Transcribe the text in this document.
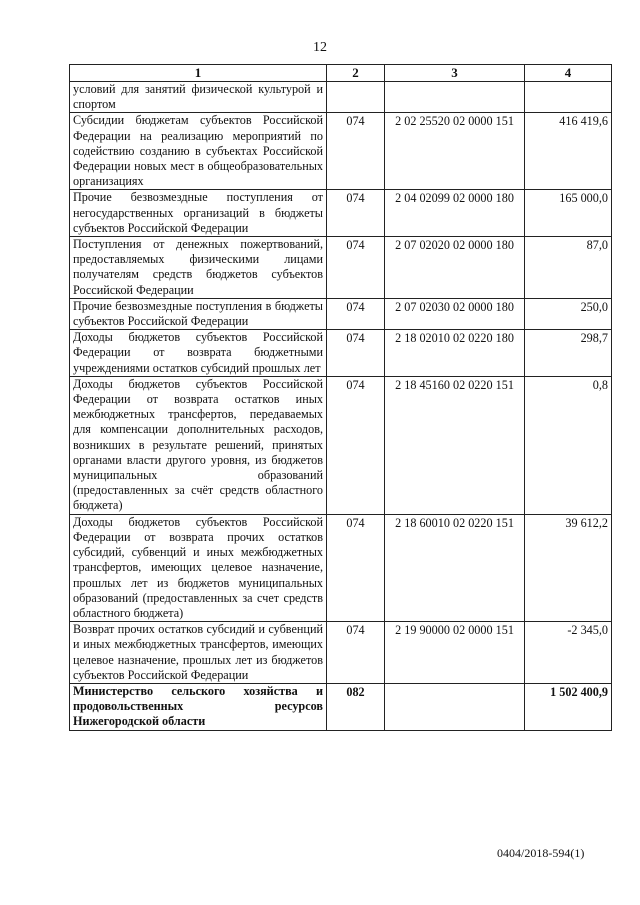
12
1	2	3	4
условий для занятий физической культурой и спортом			
Субсидии бюджетам субъектов Российской Федерации на реализацию мероприятий по содействию созданию в субъектах Российской Федерации новых мест в общеобразовательных организациях	074	2 02 25520 02 0000 151	416 419,6
Прочие безвозмездные поступления от негосударственных организаций в бюджеты субъектов Российской Федерации	074	2 04 02099 02 0000 180	165 000,0
Поступления от денежных пожертвований, предоставляемых физическими лицами получателям средств бюджетов субъектов Российской Федерации	074	2 07 02020 02 0000 180	87,0
Прочие безвозмездные поступления в бюджеты субъектов Российской Федерации	074	2 07 02030 02 0000 180	250,0
Доходы бюджетов субъектов Российской Федерации от возврата бюджетными учреждениями остатков субсидий прошлых лет	074	2 18 02010 02 0220 180	298,7
Доходы бюджетов субъектов Российской Федерации от возврата остатков иных межбюджетных трансфертов, передаваемых для компенсации дополнительных расходов, возникших в результате решений, принятых органами власти другого уровня, из бюджетов муниципальных образований (предоставленных за счёт средств областного бюджета)	074	2 18 45160 02 0220 151	0,8
Доходы бюджетов субъектов Российской Федерации от возврата прочих остатков субсидий, субвенций и иных межбюджетных трансфертов, имеющих целевое назначение, прошлых лет из бюджетов муниципальных образований (предоставленных за счет средств областного бюджета)	074	2 18 60010 02 0220 151	39 612,2
Возврат прочих остатков субсидий и субвенций и иных межбюджетных трансфертов, имеющих целевое назначение, прошлых лет из бюджетов субъектов Российской Федерации	074	2 19 90000 02 0000 151	-2 345,0
Министерство сельского хозяйства и продовольственных ресурсов Нижегородской области	082		1 502 400,9
0404/2018-594(1)
